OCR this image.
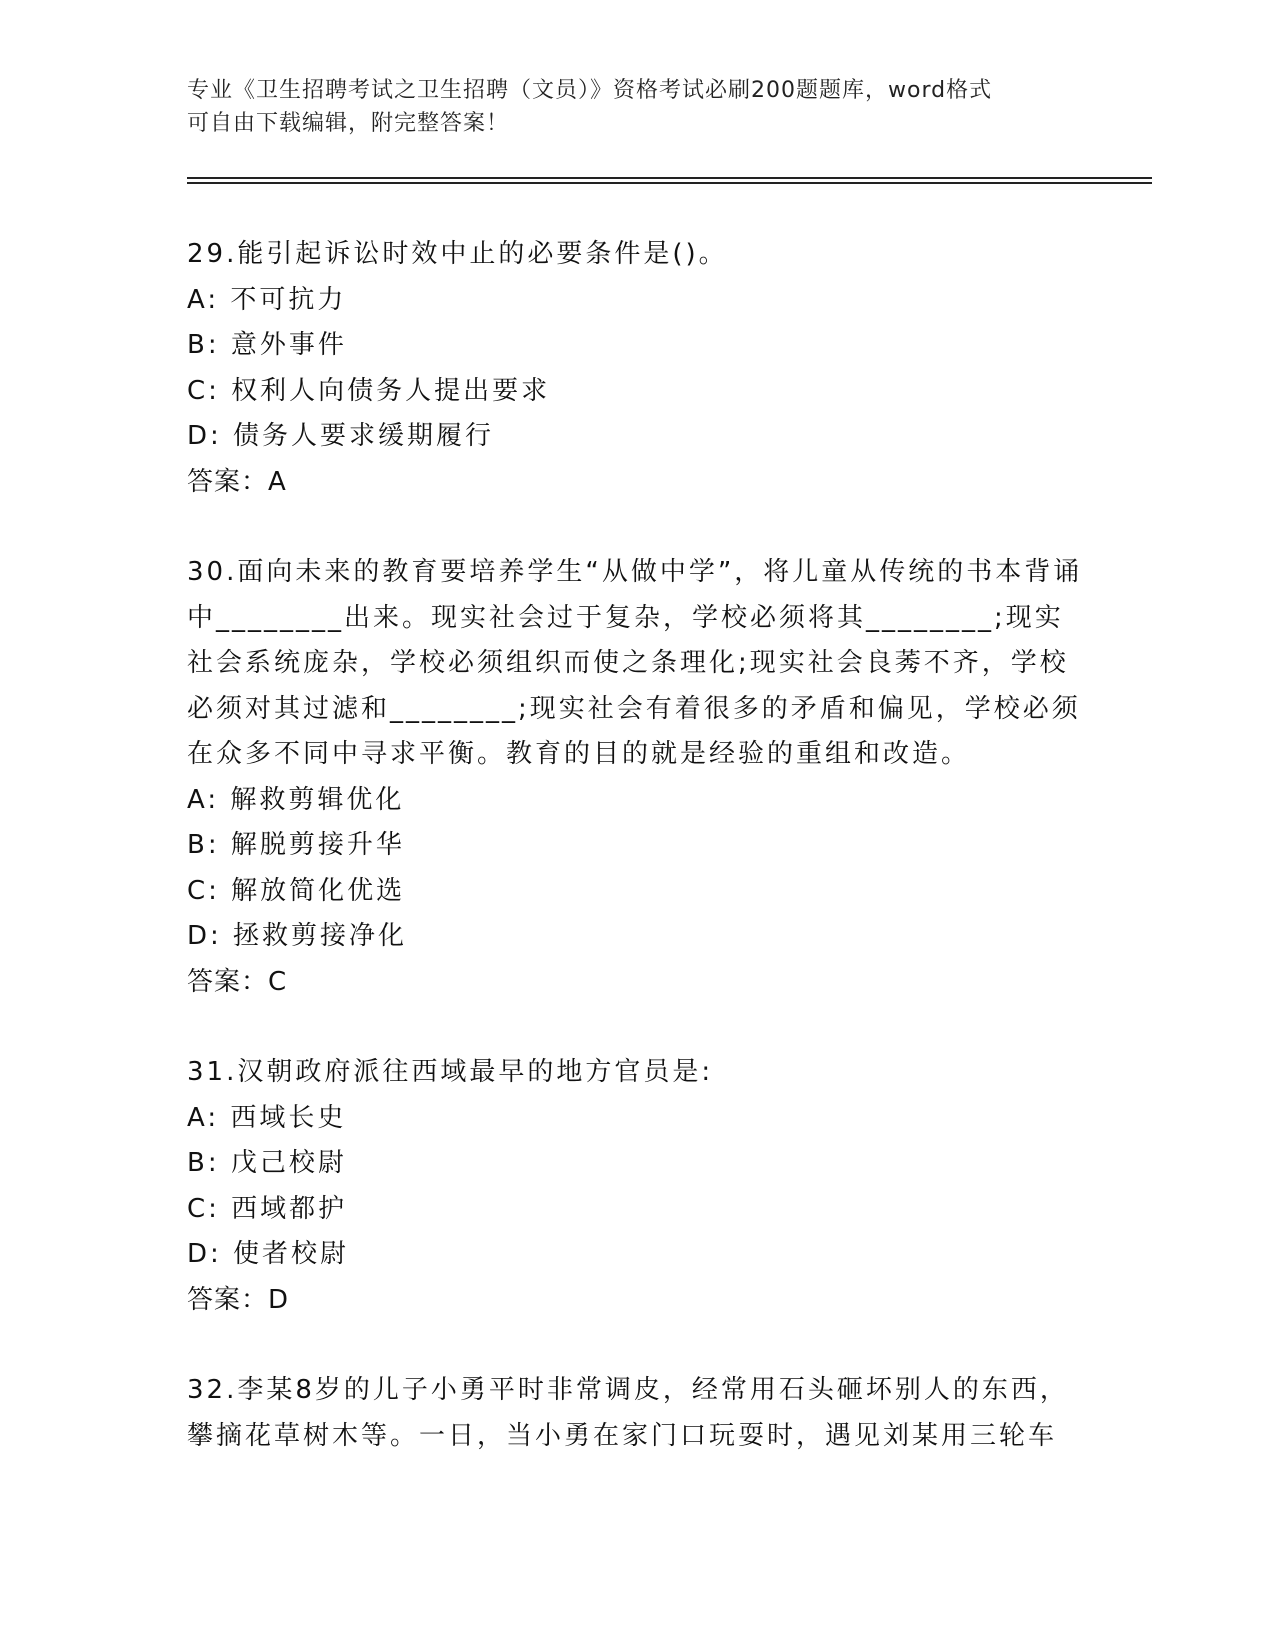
专业《卫生招聘考试之卫生招聘（文员）》资格考试必刷200题题库，word格式
可自由下载编辑，附完整答案！

29.能引起诉讼时效中止的必要条件是()。

A: 不可抗力

B: 意外事件

C: 权利人向债务人提出要求

D: 债务人要求缓期履行

答案：A

30.面向未来的教育要培养学生“从做中学”，将儿童从传统的书本背诵中________出来。现实社会过于复杂，学校必须将其________;现实社会系统庞杂，学校必须组织而使之条理化;现实社会良莠不齐，学校必须对其过滤和________;现实社会有着很多的矛盾和偏见，学校必须在众多不同中寻求平衡。教育的目的就是经验的重组和改造。

A: 解救剪辑优化

B: 解脱剪接升华

C: 解放简化优选

D: 拯救剪接净化

答案：C

31.汉朝政府派往西域最早的地方官员是:

A: 西域长史

B: 戊己校尉

C: 西域都护

D: 使者校尉

答案：D

32.李某8岁的儿子小勇平时非常调皮，经常用石头砸坏别人的东西，攀摘花草树木等。一日，当小勇在家门口玩耍时，遇见刘某用三轮车
